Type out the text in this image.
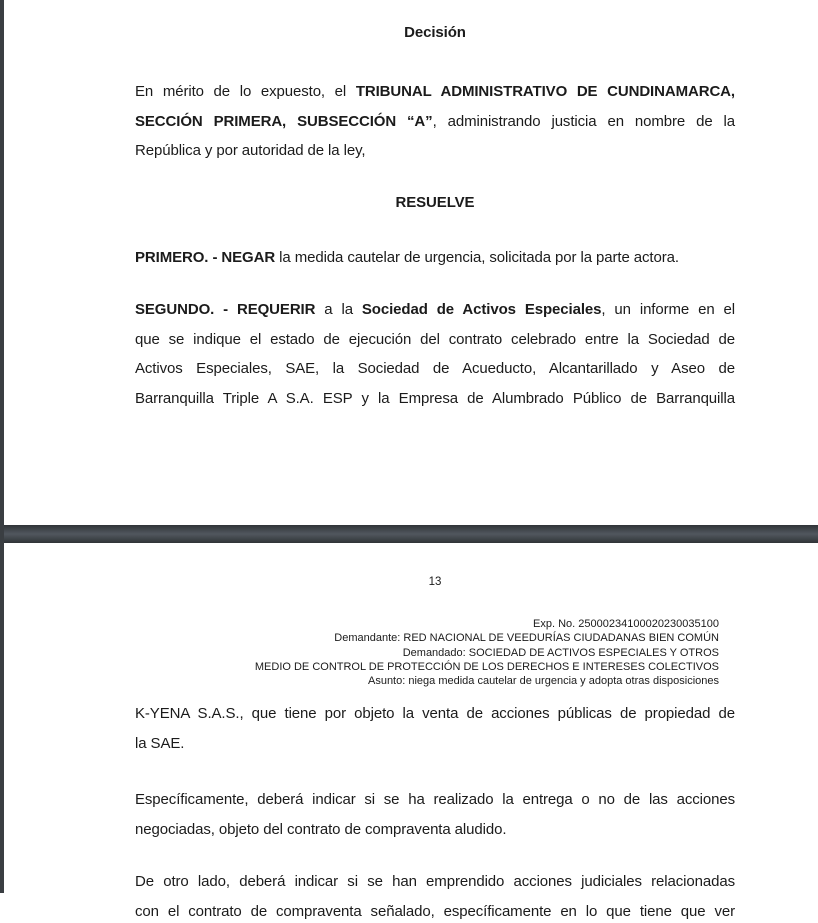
Decisión
En mérito de lo expuesto, el TRIBUNAL ADMINISTRATIVO DE CUNDINAMARCA,
SECCIÓN PRIMERA, SUBSECCIÓN “A”, administrando justicia en nombre de la
República y por autoridad de la ley,
RESUELVE
PRIMERO. - NEGAR la medida cautelar de urgencia, solicitada por la parte actora.
SEGUNDO. - REQUERIR a la Sociedad de Activos Especiales, un informe en el
que se indique el estado de ejecución del contrato celebrado entre la Sociedad de
Activos Especiales, SAE, la Sociedad de Acueducto, Alcantarillado y Aseo de
Barranquilla Triple A S.A. ESP y la Empresa de Alumbrado Público de Barranquilla
13
Exp. No. 25000234100020230035100
Demandante: RED NACIONAL DE VEEDURÍAS CIUDADANAS BIEN COMÚN
Demandado: SOCIEDAD DE ACTIVOS ESPECIALES Y OTROS
MEDIO DE CONTROL DE PROTECCIÓN DE LOS DERECHOS E INTERESES COLECTIVOS
Asunto: niega medida cautelar de urgencia y adopta otras disposiciones
K-YENA S.A.S., que tiene por objeto la venta de acciones públicas de propiedad de
la SAE.
Específicamente, deberá indicar si se ha realizado la entrega o no de las acciones
negociadas, objeto del contrato de compraventa aludido.
De otro lado, deberá indicar si se han emprendido acciones judiciales relacionadas
con el contrato de compraventa señalado, específicamente en lo que tiene que ver
